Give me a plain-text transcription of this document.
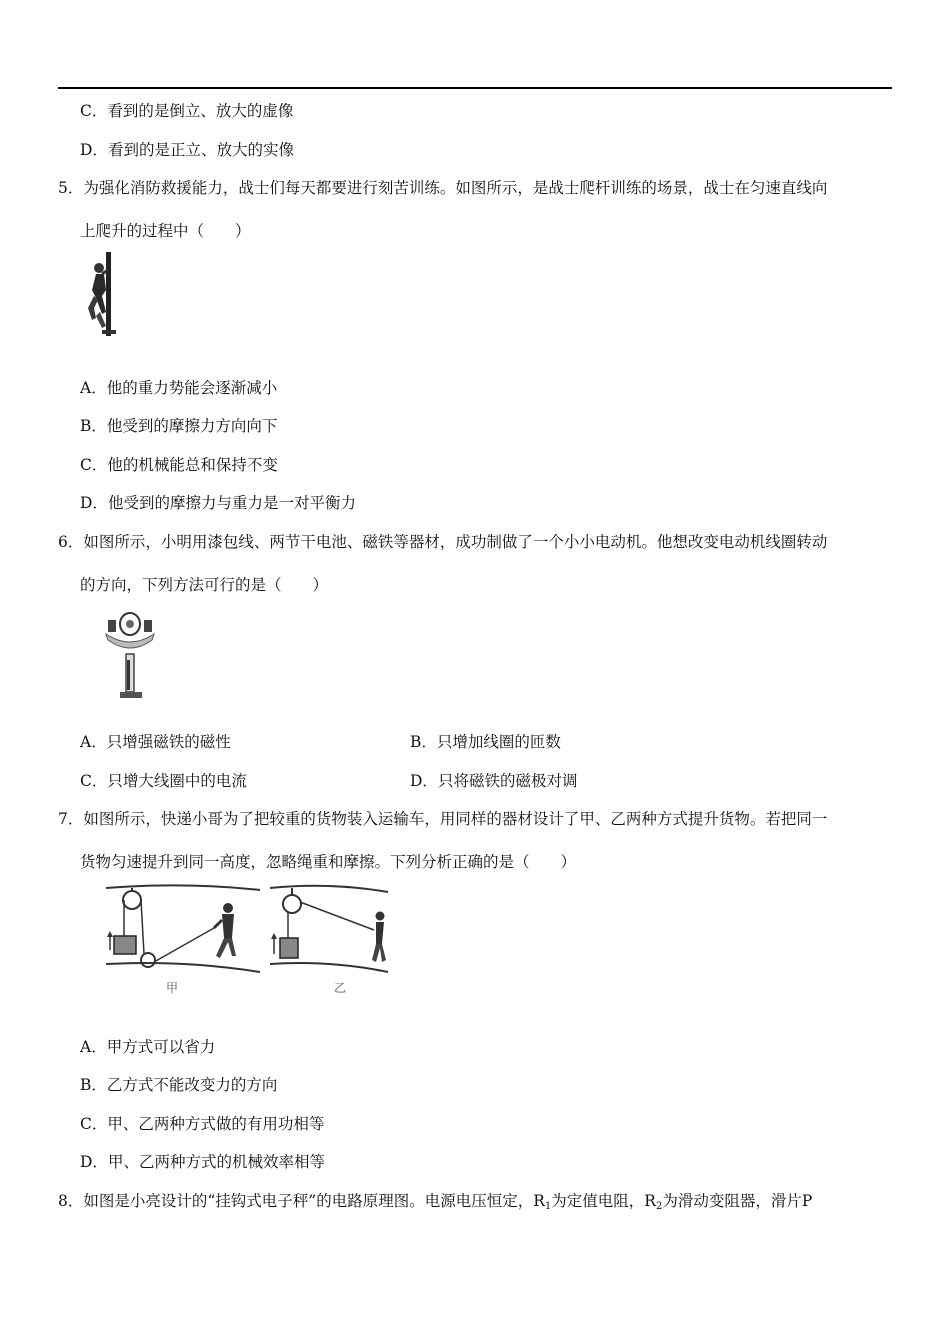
C．看到的是倒立、放大的虚像
D．看到的是正立、放大的实像
5．为强化消防救援能力，战士们每天都要进行刻苦训练。如图所示，是战士爬杆训练的场景，战士在匀速直线向
上爬升的过程中（　　）
A．他的重力势能会逐渐减小
B．他受到的摩擦力方向向下
C．他的机械能总和保持不变
D．他受到的摩擦力与重力是一对平衡力
6．如图所示，小明用漆包线、两节干电池、磁铁等器材，成功制做了一个小小电动机。他想改变电动机线圈转动
的方向，下列方法可行的是（　　）
A．只增强磁铁的磁性	B．只增加线圈的匝数
C．只增大线圈中的电流	D．只将磁铁的磁极对调
7．如图所示，快递小哥为了把较重的货物装入运输车，用同样的器材设计了甲、乙两种方式提升货物。若把同一
货物匀速提升到同一高度，忽略绳重和摩擦。下列分析正确的是（　　）
甲	乙
A．甲方式可以省力
B．乙方式不能改变力的方向
C．甲、乙两种方式做的有用功相等
D．甲、乙两种方式的机械效率相等
8．如图是小亮设计的“挂钩式电子秤”的电路原理图。电源电压恒定，$R_1$为定值电阻，$R_2$为滑动变阻器，滑片P
